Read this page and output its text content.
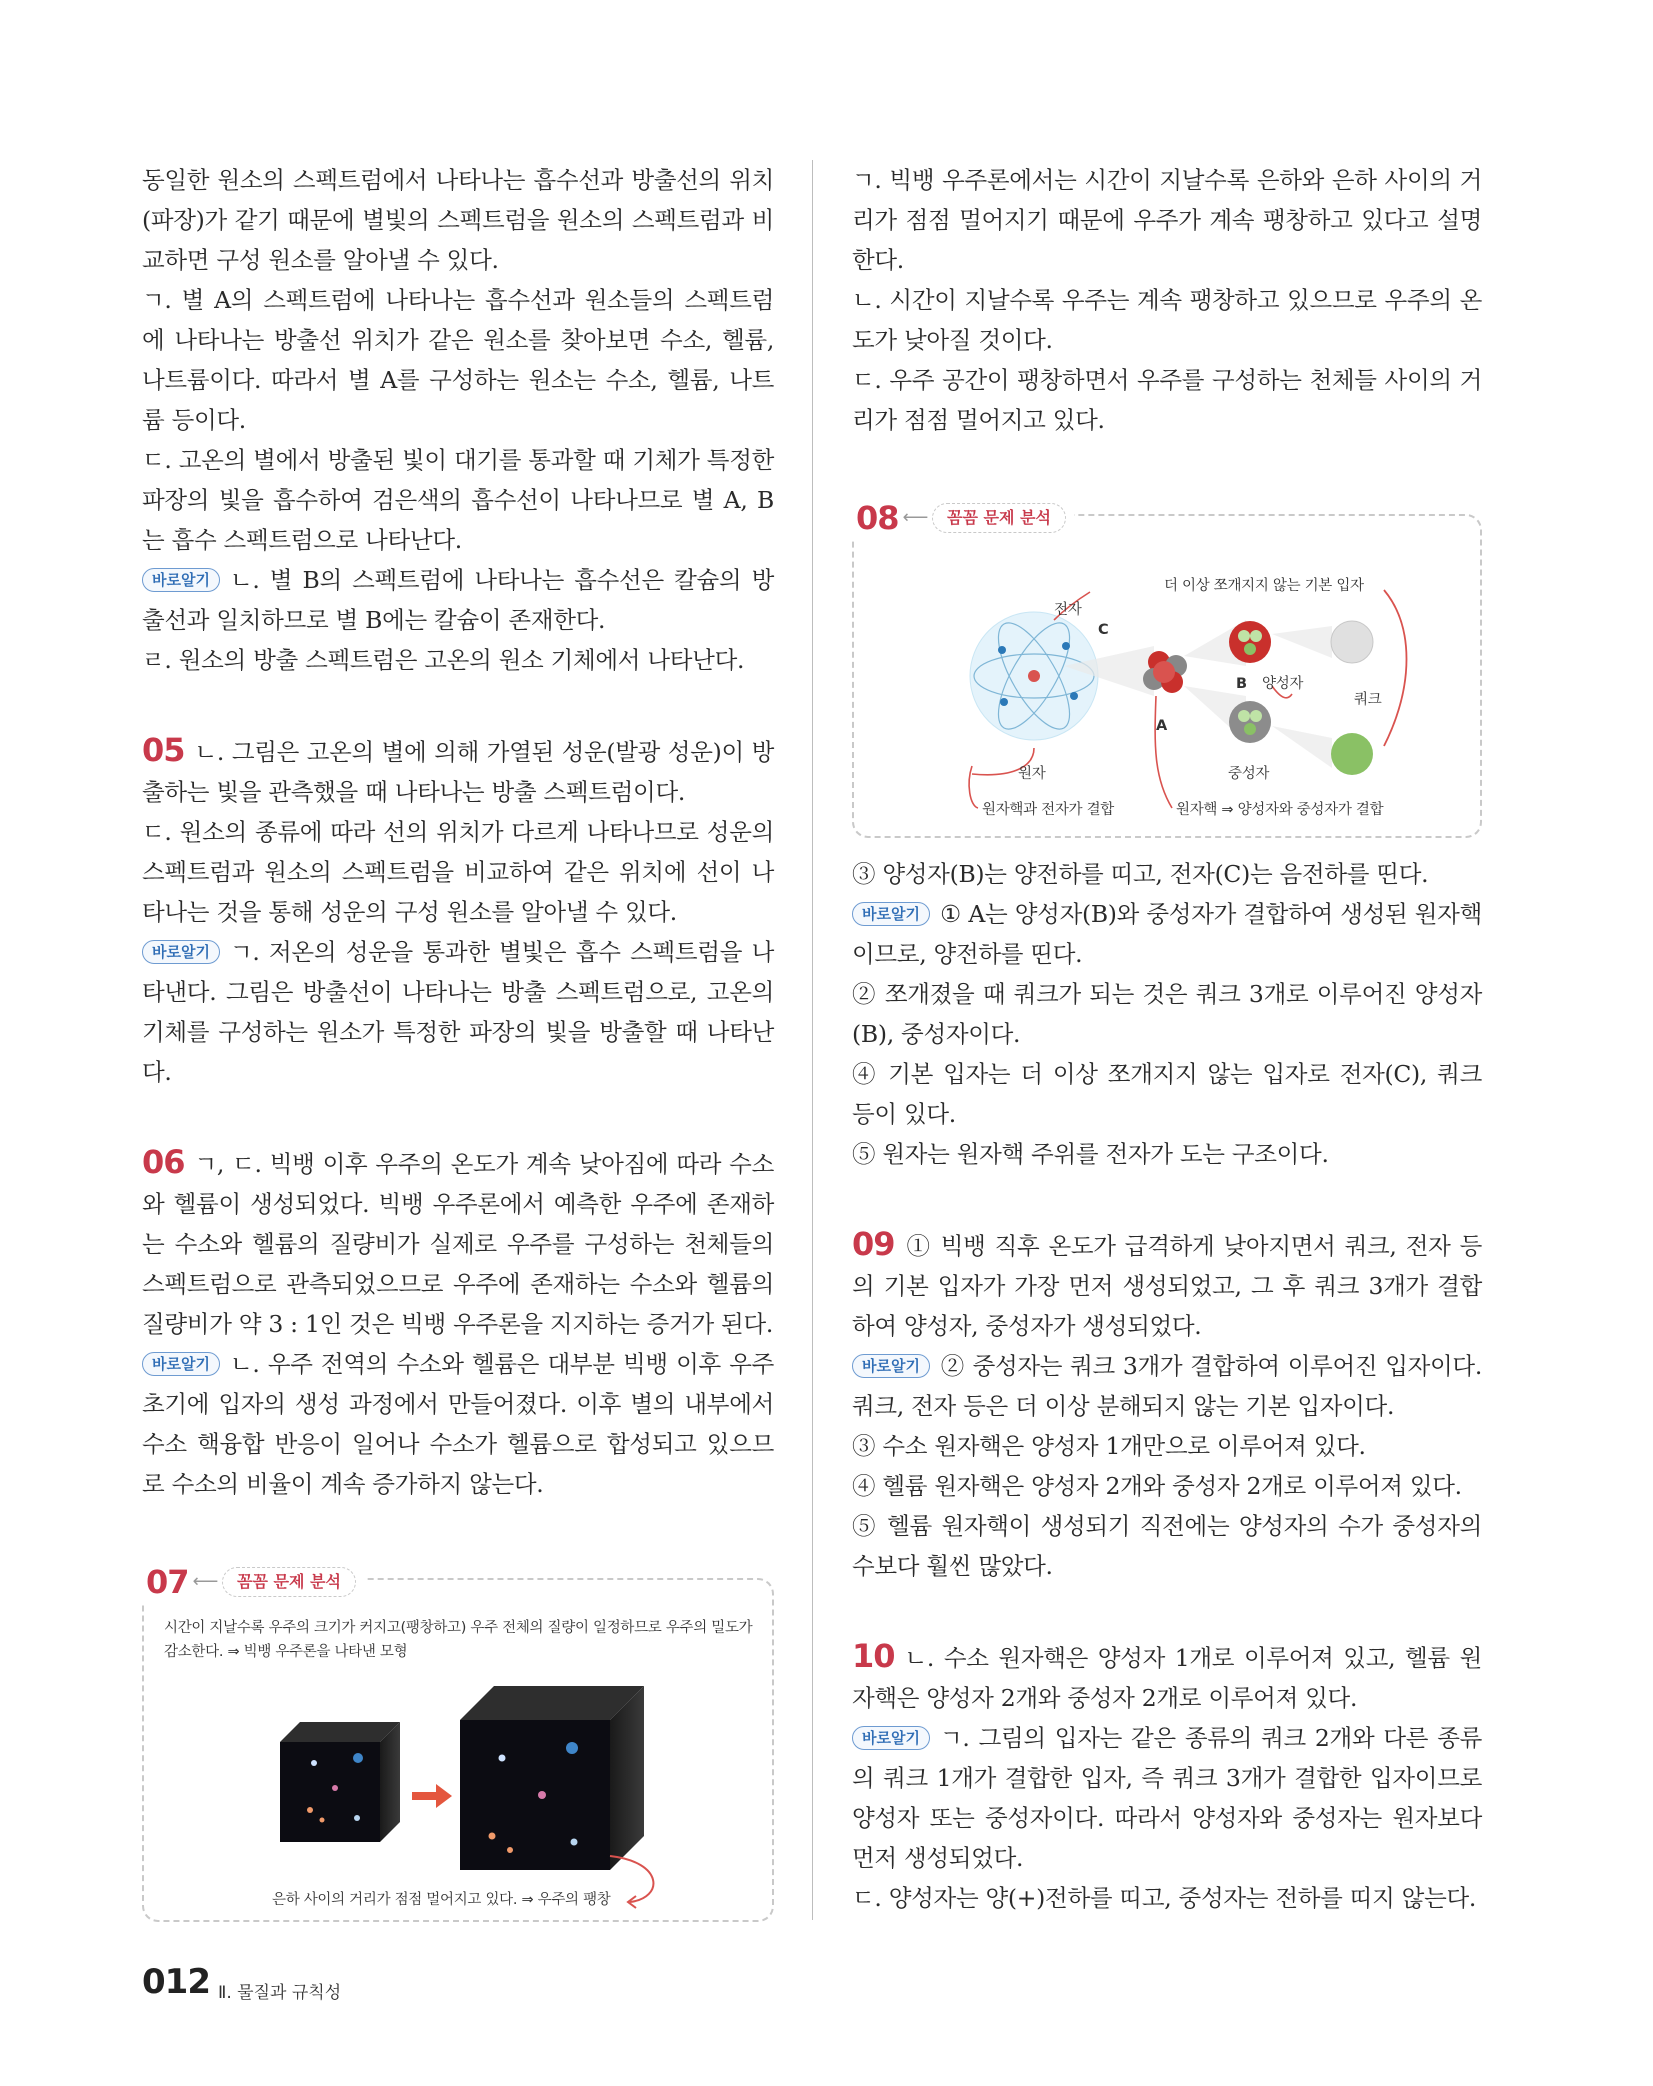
동일한 원소의 스펙트럼에서 나타나는 흡수선과 방출선의 위치(파장)가 같기 때문에 별빛의 스펙트럼을 원소의 스펙트럼과 비교하면 구성 원소를 알아낼 수 있다.

ㄱ. 별 A의 스펙트럼에 나타나는 흡수선과 원소들의 스펙트럼에 나타나는 방출선 위치가 같은 원소를 찾아보면 수소, 헬륨, 나트륨이다. 따라서 별 A를 구성하는 원소는 수소, 헬륨, 나트륨 등이다.

ㄷ. 고온의 별에서 방출된 빛이 대기를 통과할 때 기체가 특정한 파장의 빛을 흡수하여 검은색의 흡수선이 나타나므로 별 A, B는 흡수 스펙트럼으로 나타난다.

바로알기 ㄴ. 별 B의 스펙트럼에 나타나는 흡수선은 칼슘의 방출선과 일치하므로 별 B에는 칼슘이 존재한다.

ㄹ. 원소의 방출 스펙트럼은 고온의 원소 기체에서 나타난다.

05 ㄴ. 그림은 고온의 별에 의해 가열된 성운(발광 성운)이 방출하는 빛을 관측했을 때 나타나는 방출 스펙트럼이다.

ㄷ. 원소의 종류에 따라 선의 위치가 다르게 나타나므로 성운의 스펙트럼과 원소의 스펙트럼을 비교하여 같은 위치에 선이 나타나는 것을 통해 성운의 구성 원소를 알아낼 수 있다.

바로알기 ㄱ. 저온의 성운을 통과한 별빛은 흡수 스펙트럼을 나타낸다. 그림은 방출선이 나타나는 방출 스펙트럼으로, 고온의 기체를 구성하는 원소가 특정한 파장의 빛을 방출할 때 나타난다.

06 ㄱ, ㄷ. 빅뱅 이후 우주의 온도가 계속 낮아짐에 따라 수소와 헬륨이 생성되었다. 빅뱅 우주론에서 예측한 우주에 존재하는 수소와 헬륨의 질량비가 실제로 우주를 구성하는 천체들의 스펙트럼으로 관측되었으므로 우주에 존재하는 수소와 헬륨의 질량비가 약 3 : 1인 것은 빅뱅 우주론을 지지하는 증거가 된다.

바로알기 ㄴ. 우주 전역의 수소와 헬륨은 대부분 빅뱅 이후 우주 초기에 입자의 생성 과정에서 만들어졌다. 이후 별의 내부에서 수소 핵융합 반응이 일어나 수소가 헬륨으로 합성되고 있으므로 수소의 비율이 계속 증가하지 않는다.

07 ⟵	꼼꼼 문제 분석
시간이 지날수록 우주의 크기가 커지고(팽창하고) 우주 전체의 질량이 일정하므로 우주의 밀도가 감소한다. ⇒ 빅뱅 우주론을 나타낸 모형
은하 사이의 거리가 점점 멀어지고 있다. ⇒ 우주의 팽창

ㄱ. 빅뱅 우주론에서는 시간이 지날수록 은하와 은하 사이의 거리가 점점 멀어지기 때문에 우주가 계속 팽창하고 있다고 설명한다.

ㄴ. 시간이 지날수록 우주는 계속 팽창하고 있으므로 우주의 온도가 낮아질 것이다.

ㄷ. 우주 공간이 팽창하면서 우주를 구성하는 천체들 사이의 거리가 점점 멀어지고 있다.

08 ⟵	꼼꼼 문제 분석
더 이상 쪼개지지 않는 기본 입자
전자
C
B
A
양성자
쿼크
원자	중성자
원자핵과 전자가 결합	원자핵 ⇒ 양성자와 중성자가 결합

③ 양성자(B)는 양전하를 띠고, 전자(C)는 음전하를 띤다.

바로알기 ① A는 양성자(B)와 중성자가 결합하여 생성된 원자핵이므로, 양전하를 띤다.

② 쪼개졌을 때 쿼크가 되는 것은 쿼크 3개로 이루어진 양성자(B), 중성자이다.

④ 기본 입자는 더 이상 쪼개지지 않는 입자로 전자(C), 쿼크 등이 있다.

⑤ 원자는 원자핵 주위를 전자가 도는 구조이다.

09 ① 빅뱅 직후 온도가 급격하게 낮아지면서 쿼크, 전자 등의 기본 입자가 가장 먼저 생성되었고, 그 후 쿼크 3개가 결합하여 양성자, 중성자가 생성되었다.

바로알기 ② 중성자는 쿼크 3개가 결합하여 이루어진 입자이다. 쿼크, 전자 등은 더 이상 분해되지 않는 기본 입자이다.

③ 수소 원자핵은 양성자 1개만으로 이루어져 있다.

④ 헬륨 원자핵은 양성자 2개와 중성자 2개로 이루어져 있다.

⑤ 헬륨 원자핵이 생성되기 직전에는 양성자의 수가 중성자의 수보다 훨씬 많았다.

10 ㄴ. 수소 원자핵은 양성자 1개로 이루어져 있고, 헬륨 원자핵은 양성자 2개와 중성자 2개로 이루어져 있다.

바로알기 ㄱ. 그림의 입자는 같은 종류의 쿼크 2개와 다른 종류의 쿼크 1개가 결합한 입자, 즉 쿼크 3개가 결합한 입자이므로 양성자 또는 중성자이다. 따라서 양성자와 중성자는 원자보다 먼저 생성되었다.

ㄷ. 양성자는 양(+)전하를 띠고, 중성자는 전하를 띠지 않는다.

012 Ⅱ. 물질과 규칙성
